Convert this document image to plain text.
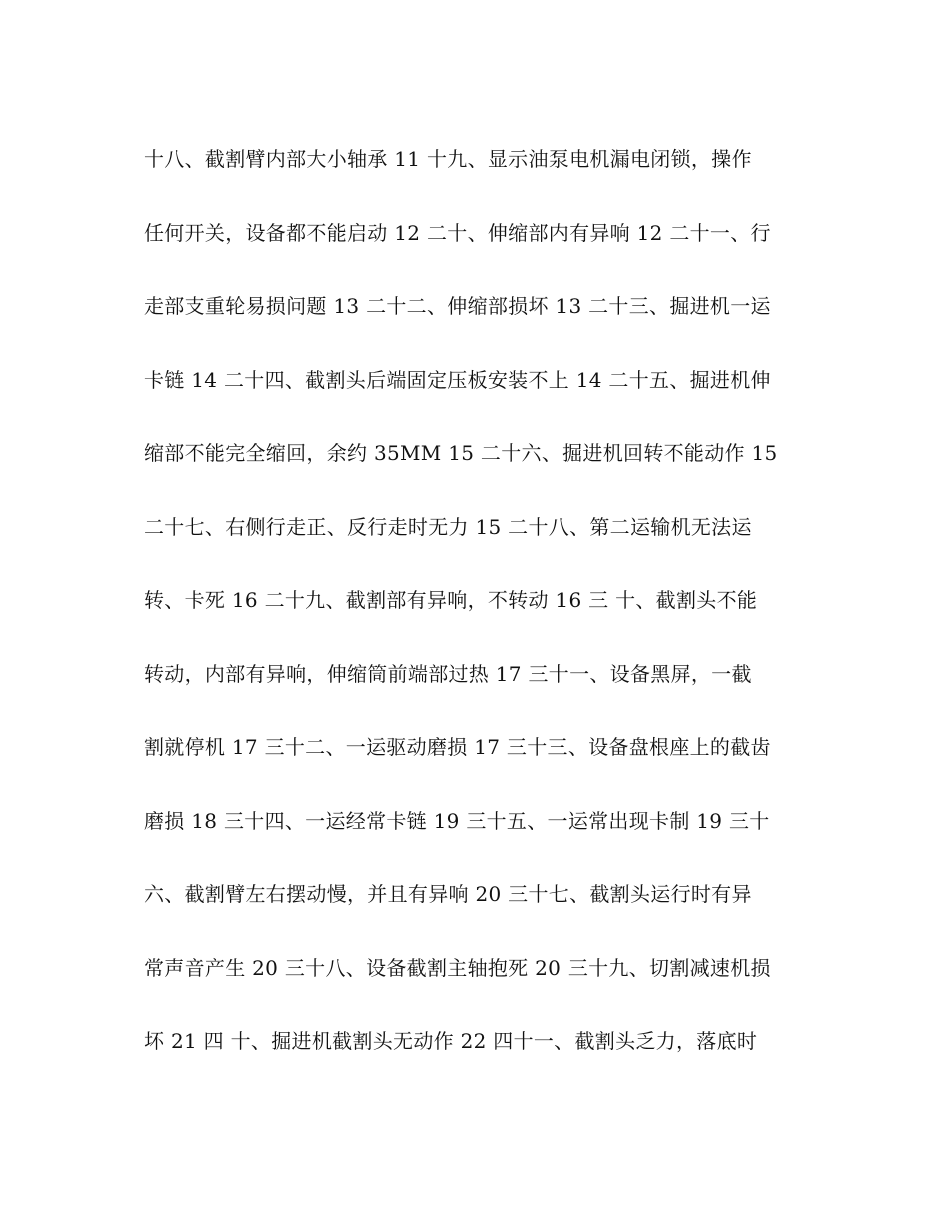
十八、截割臂内部大小轴承 11 十九、显示油泵电机漏电闭锁，操作
任何开关，设备都不能启动 12 二十、伸缩部内有异响 12 二十一、行
走部支重轮易损问题 13 二十二、伸缩部损坏 13 二十三、掘进机一运
卡链 14 二十四、截割头后端固定压板安装不上 14 二十五、掘进机伸
缩部不能完全缩回，余约 35MM 15 二十六、掘进机回转不能动作 15
二十七、右侧行走正、反行走时无力 15 二十八、第二运输机无法运
转、卡死 16 二十九、截割部有异响，不转动 16 三 十、截割头不能
转动，内部有异响，伸缩筒前端部过热 17 三十一、设备黑屏，一截
割就停机 17 三十二、一运驱动磨损 17 三十三、设备盘根座上的截齿
磨损 18 三十四、一运经常卡链 19 三十五、一运常出现卡制 19 三十
六、截割臂左右摆动慢，并且有异响 20 三十七、截割头运行时有异
常声音产生 20 三十八、设备截割主轴抱死 20 三十九、切割减速机损
坏 21 四 十、掘进机截割头无动作 22 四十一、截割头乏力，落底时
